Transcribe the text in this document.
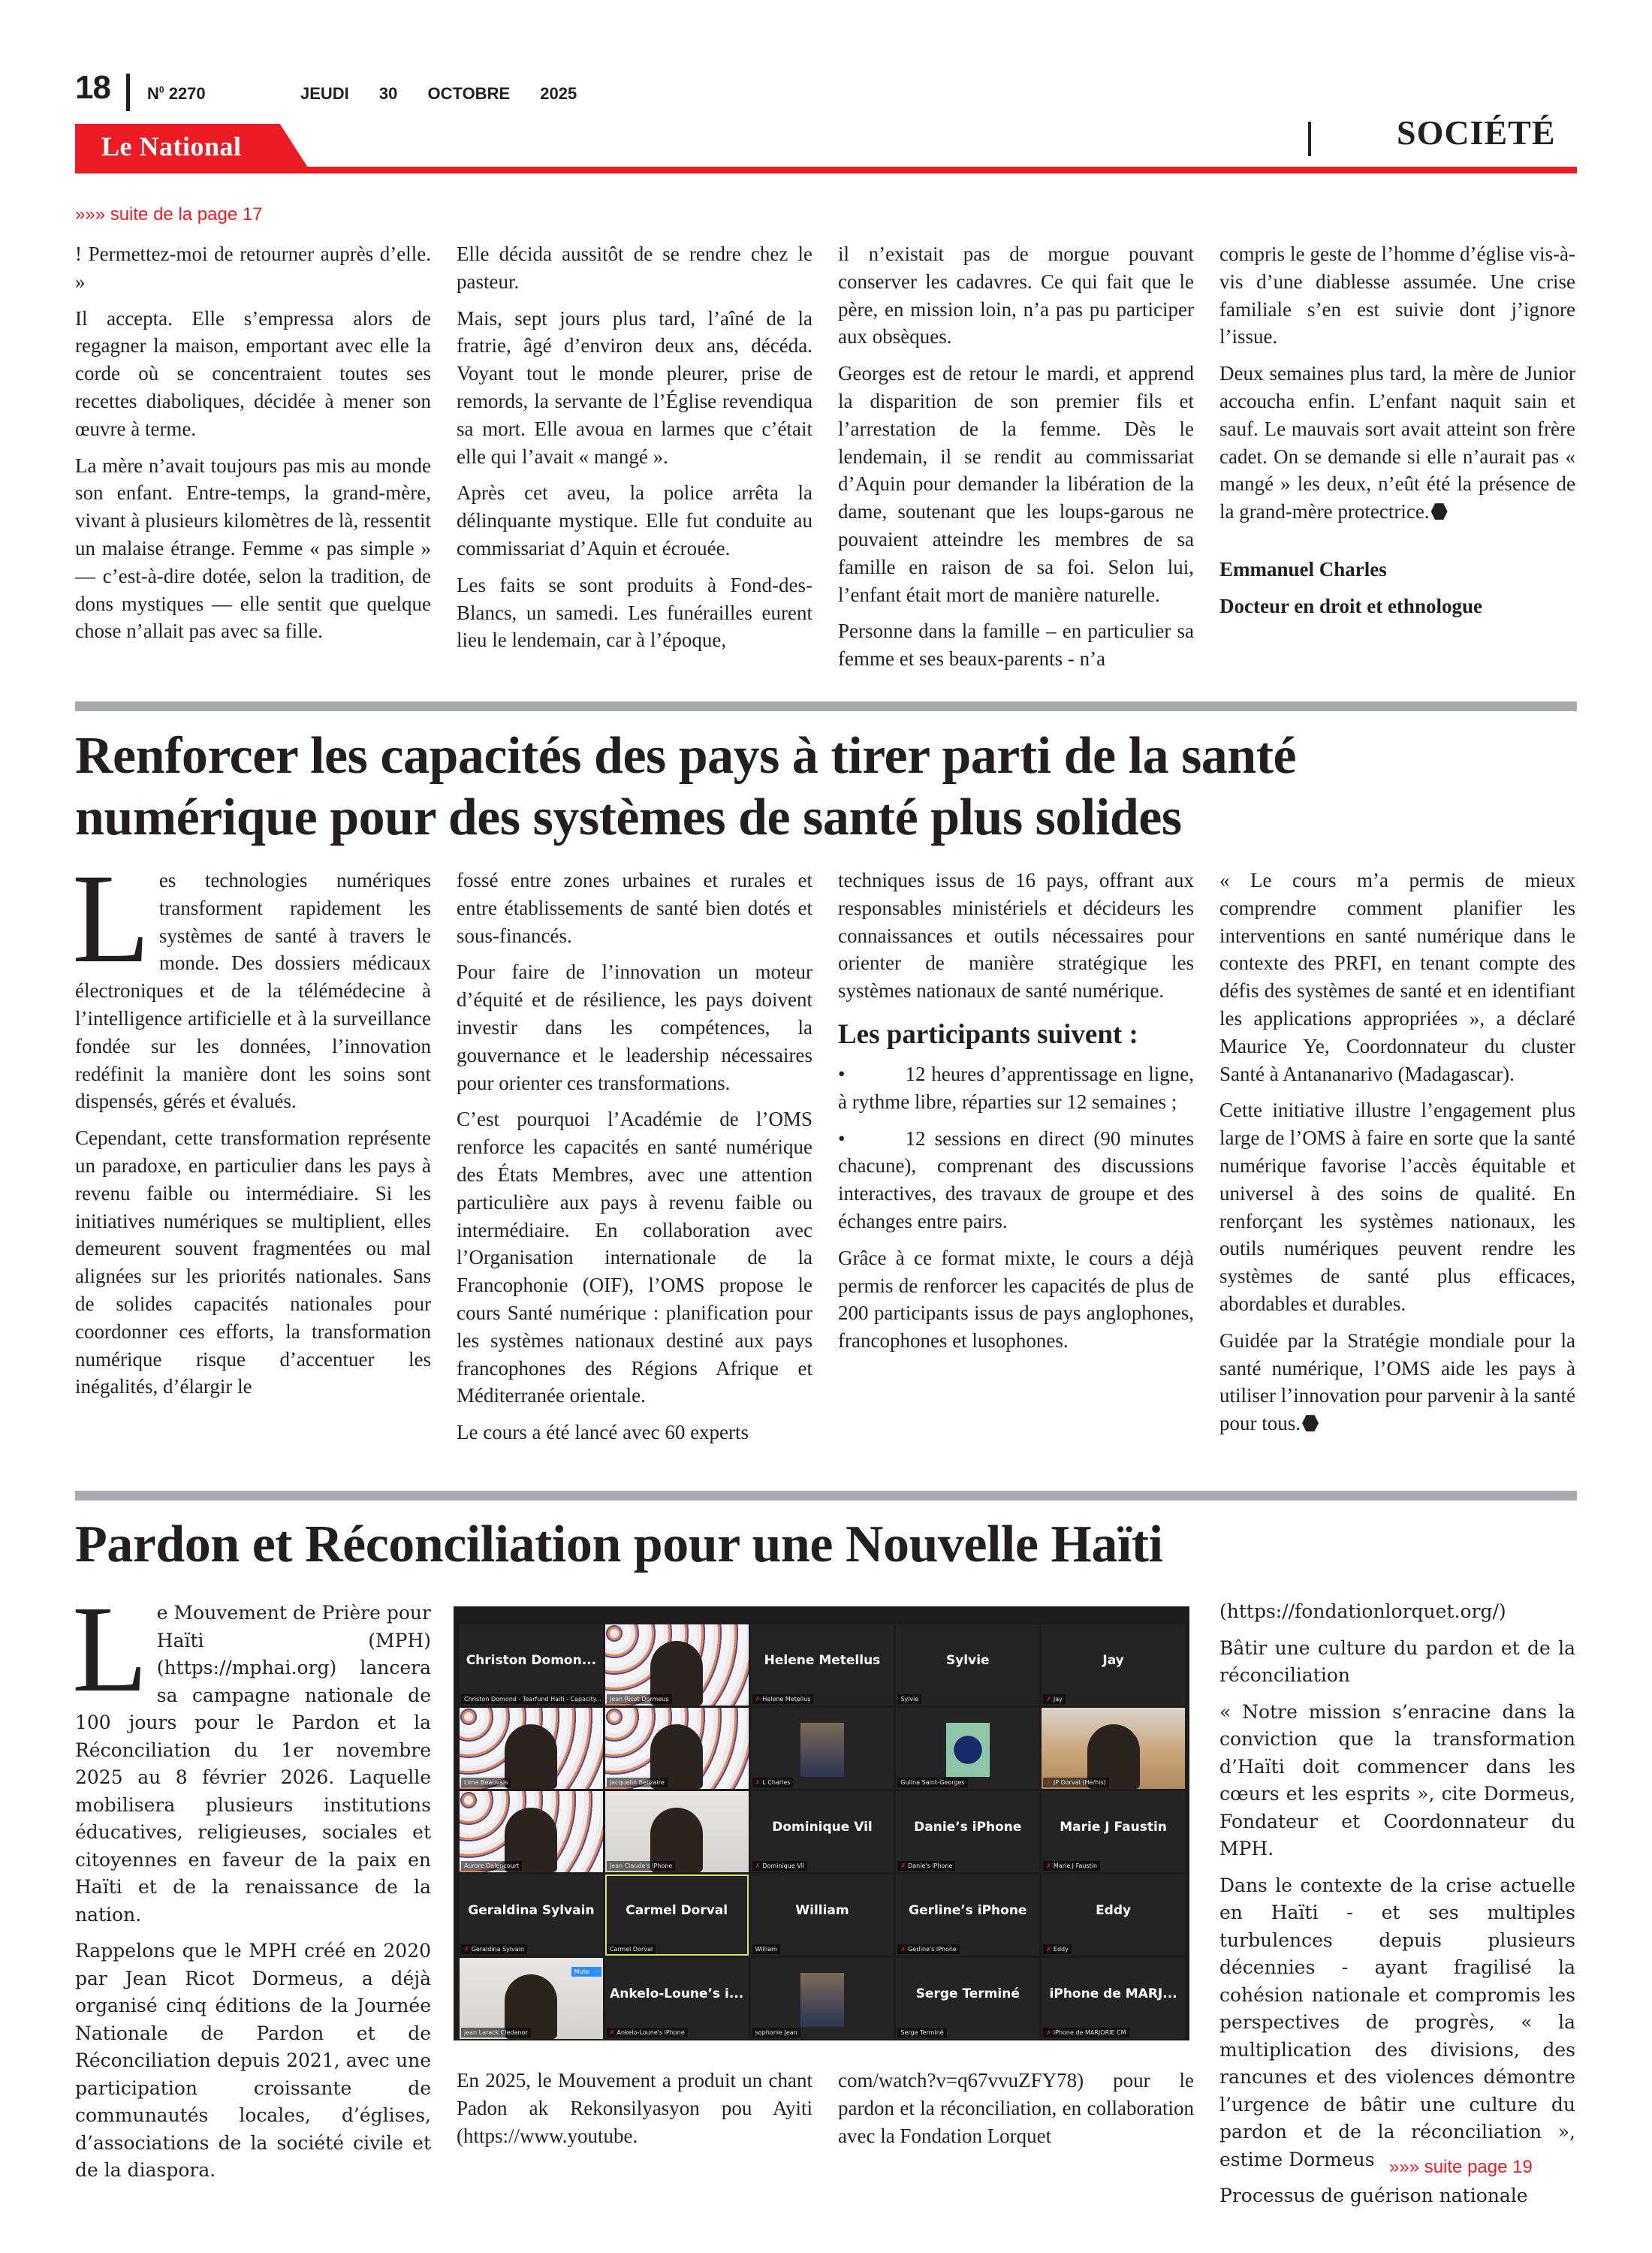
18 $N^0$ 2270	JEUDI 30 OCTOBRE 2025
Le National	SOCIÉTÉ
»»» suite de la page 17

! Permettez-moi de retourner auprès d’elle. »

Il accepta. Elle s’empressa alors de regagner la maison, emportant avec elle la corde où se concentraient toutes ses recettes diaboliques, décidée à mener son œuvre à terme.

La mère n’avait toujours pas mis au monde son enfant. Entre-temps, la grand-mère, vivant à plusieurs kilomètres de là, ressentit un malaise étrange. Femme « pas simple » — c’est-à-dire dotée, selon la tradition, de dons mystiques — elle sentit que quelque chose n’allait pas avec sa fille.

Elle décida aussitôt de se rendre chez le pasteur.

Mais, sept jours plus tard, l’aîné de la fratrie, âgé d’environ deux ans, décéda. Voyant tout le monde pleurer, prise de remords, la servante de l’Église revendiqua sa mort. Elle avoua en larmes que c’était elle qui l’avait « mangé ».

Après cet aveu, la police arrêta la délinquante mystique. Elle fut conduite au commissariat d’Aquin et écrouée.

Les faits se sont produits à Fond-des-Blancs, un samedi. Les funérailles eurent lieu le lendemain, car à l’époque,

il n’existait pas de morgue pouvant conserver les cadavres. Ce qui fait que le père, en mission loin, n’a pas pu participer aux obsèques.

Georges est de retour le mardi, et apprend la disparition de son premier fils et l’arrestation de la femme. Dès le lendemain, il se rendit au commissariat d’Aquin pour demander la libération de la dame, soutenant que les loups-garous ne pouvaient atteindre les membres de sa famille en raison de sa foi. Selon lui, l’enfant était mort de manière naturelle.

Personne dans la famille – en particulier sa femme et ses beaux-parents - n’a

compris le geste de l’homme d’église vis-à-vis d’une diablesse assumée. Une crise familiale s’en est suivie dont j’ignore l’issue.

Deux semaines plus tard, la mère de Junior accoucha enfin. L’enfant naquit sain et sauf. Le mauvais sort avait atteint son frère cadet. On se demande si elle n’aurait pas « mangé » les deux, n’eût été la présence de la grand-mère protectrice.

Emmanuel Charles

Docteur en droit et ethnologue

Renforcer les capacités des pays à tirer parti de la santé
numérique pour des systèmes de santé plus solides

Les technologies numériques transforment rapidement les systèmes de santé à travers le monde. Des dossiers médicaux électroniques et de la télémédecine à l’intelligence artificielle et à la surveillance fondée sur les données, l’innovation redéfinit la manière dont les soins sont dispensés, gérés et évalués.

Cependant, cette transformation représente un paradoxe, en particulier dans les pays à revenu faible ou intermédiaire. Si les initiatives numériques se multiplient, elles demeurent souvent fragmentées ou mal alignées sur les priorités nationales. Sans de solides capacités nationales pour coordonner ces efforts, la transformation numérique risque d’accentuer les inégalités, d’élargir le

fossé entre zones urbaines et rurales et entre établissements de santé bien dotés et sous-financés.

Pour faire de l’innovation un moteur d’équité et de résilience, les pays doivent investir dans les compétences, la gouvernance et le leadership nécessaires pour orienter ces transformations.

C’est pourquoi l’Académie de l’OMS renforce les capacités en santé numérique des États Membres, avec une attention particulière aux pays à revenu faible ou intermédiaire. En collaboration avec l’Organisation internationale de la Francophonie (OIF), l’OMS propose le cours Santé numérique : planification pour les systèmes nationaux destiné aux pays francophones des Régions Afrique et Méditerranée orientale.

Le cours a été lancé avec 60 experts

techniques issus de 16 pays, offrant aux responsables ministériels et décideurs les connaissances et outils nécessaires pour orienter de manière stratégique les systèmes nationaux de santé numérique.

Les participants suivent :

•	12 heures d’apprentissage en ligne, à rythme libre, réparties sur 12 semaines ;

•	12 sessions en direct (90 minutes chacune), comprenant des discussions interactives, des travaux de groupe et des échanges entre pairs.

Grâce à ce format mixte, le cours a déjà permis de renforcer les capacités de plus de 200 participants issus de pays anglophones, francophones et lusophones.

« Le cours m’a permis de mieux comprendre comment planifier les interventions en santé numérique dans le contexte des PRFI, en tenant compte des défis des systèmes de santé et en identifiant les applications appropriées », a déclaré Maurice Ye, Coordonnateur du cluster Santé à Antananarivo (Madagascar).

Cette initiative illustre l’engagement plus large de l’OMS à faire en sorte que la santé numérique favorise l’accès équitable et universel à des soins de qualité. En renforçant les systèmes nationaux, les outils numériques peuvent rendre les systèmes de santé plus efficaces, abordables et durables.

Guidée par la Stratégie mondiale pour la santé numérique, l’OMS aide les pays à utiliser l’innovation pour parvenir à la santé pour tous.

Pardon et Réconciliation pour une Nouvelle Haïti

Le Mouvement de Prière pour Haïti (MPH) (https://mphai.org) lancera sa campagne nationale de 100 jours pour le Pardon et la Réconciliation du 1er novembre 2025 au 8 février 2026. Laquelle mobilisera plusieurs institutions éducatives, religieuses, sociales et citoyennes en faveur de la paix en Haïti et de la renaissance de la nation.

Rappelons que le MPH créé en 2020 par Jean Ricot Dormeus, a déjà organisé cinq éditions de la Journée Nationale de Pardon et de Réconciliation depuis 2021, avec une participation croissante de communautés locales, d’églises, d’associations de la société civile et de la diaspora.

Christon Domon...
Christon Domond - Tearfund Haiti - Capacity...	Jean Ricot Dormeus
Helene Metellus
✗ Helene Metellus
Sylvie
Sylvie
Jay
✗ Jay
Lima Beauvais	Jacquelin Belizaire	✗ L Charles	Guilna Saint-Georges	✗ JP Dorval (He/his)
Aurore Dalencourt	Jean Claude's iPhone
Dominique Vil
✗ Dominique Vil
Danie’s iPhone
✗ Danie's iPhone
Marie J Faustin
✗ Marie J Faustin
Geraldina Sylvain
✗ Geraldina Sylvain
Carmel Dorval
Carmel Dorval
William
William
Gerline’s iPhone
✗ Gerline's iPhone
Eddy
✗ Eddy
jean Larack Cledanor
Mute ···
Ankelo-Loune’s i...
✗ Ankelo-Loune's iPhone	sophonie Jean
Serge Terminé
Serge Terminé
iPhone de MARJ...
✗ iPhone de MARJORIE CM

En 2025, le Mouvement a produit un chant Padon ak Rekonsilyasyon pou Ayiti (https://www.youtube.

com/watch?v=q67vvuZFY78) pour le pardon et la réconciliation, en collaboration avec la Fondation Lorquet

(https://fondationlorquet.org/)

Bâtir une culture du pardon et de la réconciliation

« Notre mission s’enracine dans la conviction que la transformation d’Haïti doit commencer dans les cœurs et les esprits », cite Dormeus, Fondateur et Coordonnateur du MPH.

Dans le contexte de la crise actuelle en Haïti - et ses multiples turbulences depuis plusieurs décennies - ayant fragilisé la cohésion nationale et compromis les perspectives de progrès, « la multiplication des divisions, des rancunes et des violences démontre l’urgence de bâtir une culture du pardon et de la réconciliation », estime Dormeus

Processus de guérison nationale

»»» suite page 19
